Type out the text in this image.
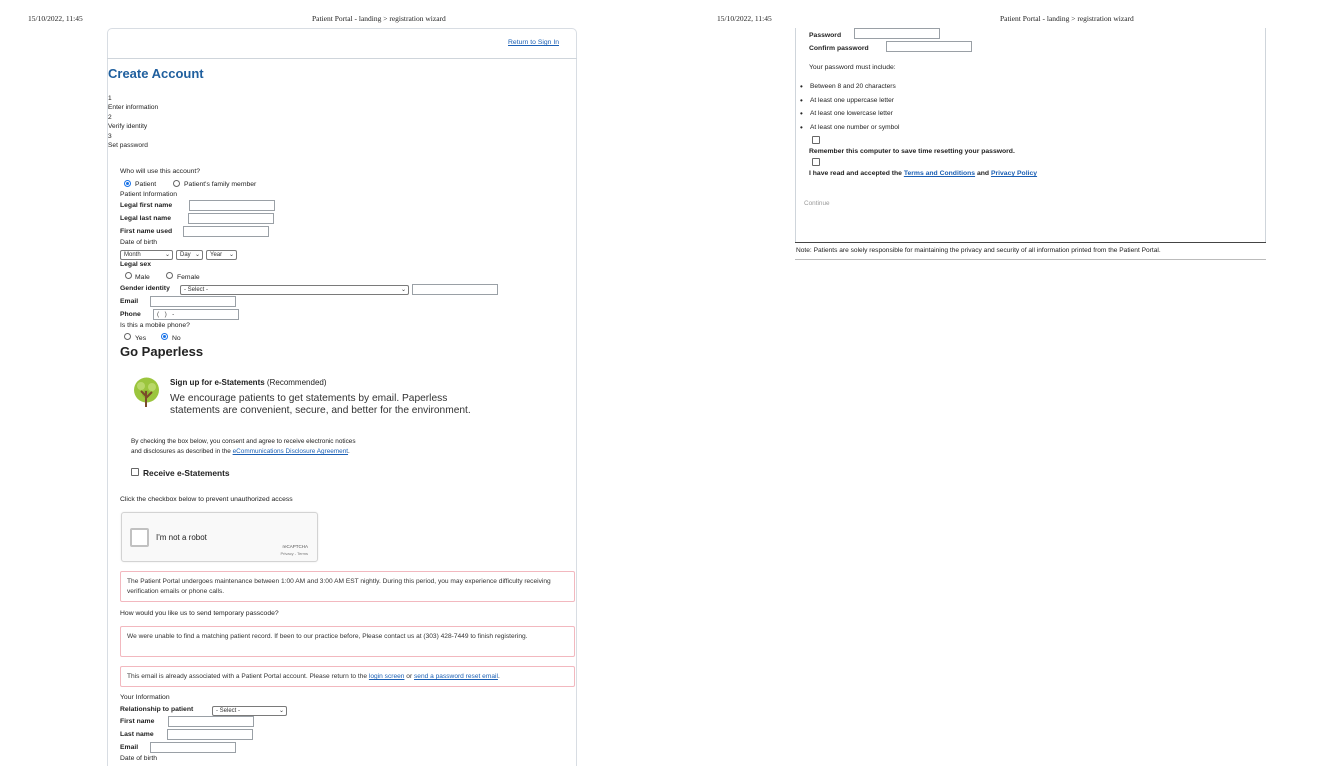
15/10/2022, 11:45	Patient Portal - landing > registration wizard	15/10/2022, 11:45	Patient Portal - landing > registration wizard
Return to Sign In
Create Account
1
Enter information
2
Verify identity
3
Set password
Who will use this account?
Patient	Patient's family member
Patient Information
Legal first name
Legal last name
First name used
Date of birth
Month	⌄	Day ⌄	Year ⌄
Legal sex
Male	Female
Gender identity	- Select -	⌄
Email
Phone
( ) -
Is this a mobile phone?
Yes	No
Go Paperless
Sign up for e-Statements (Recommended)
We encourage patients to get statements by email. Paperless
statements are convenient, secure, and better for the environment.
By checking the box below, you consent and agree to receive electronic notices
and disclosures as described in the eCommunications Disclosure Agreement.
Receive e-Statements
Click the checkbox below to prevent unauthorized access
I'm not a robot
reCAPTCHA
Privacy - Terms
The Patient Portal undergoes maintenance between 1:00 AM and 3:00 AM EST nightly. During this period, you may experience difficulty receiving verification emails or phone calls.
How would you like us to send temporary passcode?
We were unable to find a matching patient record. If been to our practice before, Please contact us at (303) 428-7449 to finish registering.
This email is already associated with a Patient Portal account. Please return to the login screen or send a password reset email.
Your Information
Relationship to patient	- Select -	⌄
First name
Last name
Email
Date of birth
Password
Confirm password
Your password must include:
• Between 8 and 20 characters
• At least one uppercase letter
• At least one lowercase letter
• At least one number or symbol
Remember this computer to save time resetting your password.
I have read and accepted the Terms and Conditions and Privacy Policy
Continue
Note: Patients are solely responsible for maintaining the privacy and security of all information printed from the Patient Portal.
